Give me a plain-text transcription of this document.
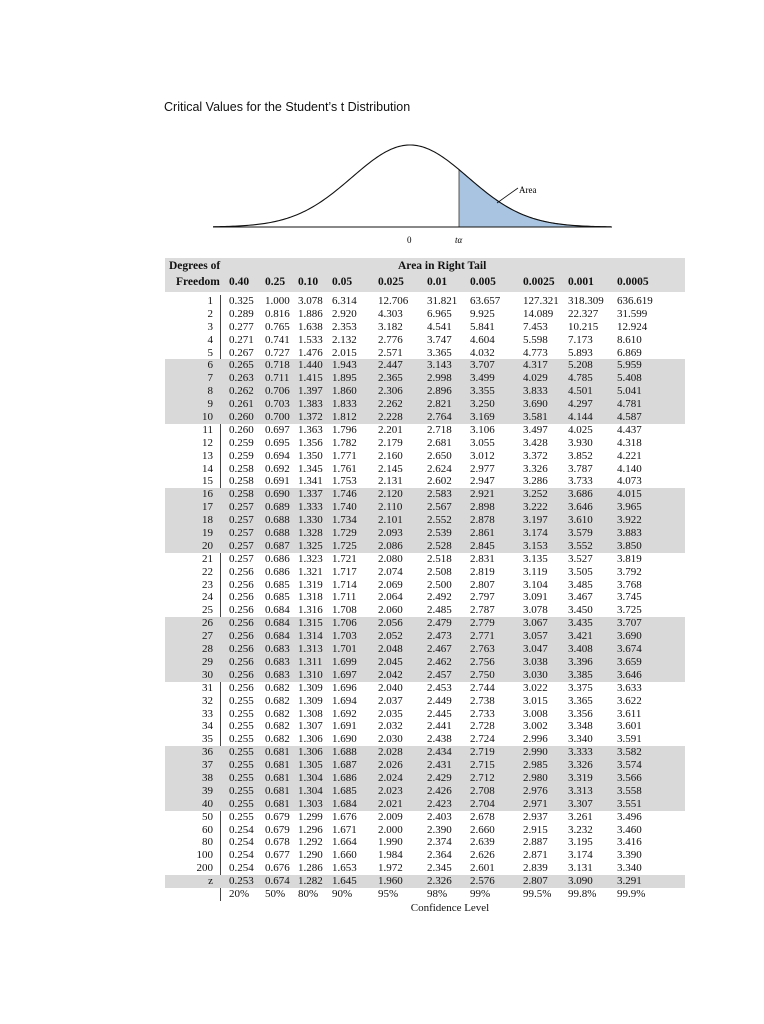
Critical Values for the Student’s t Distribution
Area
0	tα
Degrees of
Freedom
Area in Right Tail
0.40 0.25 0.10 0.05 0.025 0.01 0.005 0.0025 0.001 0.0005
1 0.325 1.000 3.078 6.314 12.706 31.821 63.657 127.321 318.309 636.619
2 0.289 0.816 1.886 2.920 4.303 6.965 9.925	14.089 22.327 31.599
3 0.277 0.765 1.638 2.353 3.182 4.541 5.841	7.453 10.215 12.924
4 0.271 0.741 1.533 2.132 2.776 3.747 4.604	5.598 7.173 8.610
5 0.267 0.727 1.476 2.015 2.571 3.365 4.032	4.773 5.893 6.869
6 0.265 0.718 1.440 1.943 2.447 3.143 3.707	4.317 5.208 5.959
7 0.263 0.711 1.415 1.895 2.365 2.998 3.499	4.029 4.785 5.408
8 0.262 0.706 1.397 1.860 2.306 2.896 3.355	3.833 4.501 5.041
9 0.261 0.703 1.383 1.833 2.262 2.821 3.250	3.690 4.297 4.781
10 0.260 0.700 1.372 1.812 2.228 2.764 3.169	3.581 4.144 4.587
11 0.260 0.697 1.363 1.796 2.201 2.718 3.106	3.497 4.025 4.437
12 0.259 0.695 1.356 1.782 2.179 2.681 3.055	3.428 3.930 4.318
13 0.259 0.694 1.350 1.771 2.160 2.650 3.012	3.372 3.852 4.221
14 0.258 0.692 1.345 1.761 2.145 2.624 2.977	3.326 3.787 4.140
15 0.258 0.691 1.341 1.753 2.131 2.602 2.947	3.286 3.733 4.073
16 0.258 0.690 1.337 1.746 2.120 2.583 2.921	3.252 3.686 4.015
17 0.257 0.689 1.333 1.740 2.110 2.567 2.898	3.222 3.646 3.965
18 0.257 0.688 1.330 1.734 2.101 2.552 2.878	3.197 3.610 3.922
19 0.257 0.688 1.328 1.729 2.093 2.539 2.861	3.174 3.579 3.883
20 0.257 0.687 1.325 1.725 2.086 2.528 2.845	3.153 3.552 3.850
21 0.257 0.686 1.323 1.721 2.080 2.518 2.831	3.135 3.527 3.819
22 0.256 0.686 1.321 1.717 2.074 2.508 2.819	3.119 3.505 3.792
23 0.256 0.685 1.319 1.714 2.069 2.500 2.807	3.104 3.485 3.768
24 0.256 0.685 1.318 1.711 2.064 2.492 2.797	3.091 3.467 3.745
25 0.256 0.684 1.316 1.708 2.060 2.485 2.787	3.078 3.450 3.725
26 0.256 0.684 1.315 1.706 2.056 2.479 2.779	3.067 3.435 3.707
27 0.256 0.684 1.314 1.703 2.052 2.473 2.771	3.057 3.421 3.690
28 0.256 0.683 1.313 1.701 2.048 2.467 2.763	3.047 3.408 3.674
29 0.256 0.683 1.311 1.699 2.045 2.462 2.756	3.038 3.396 3.659
30 0.256 0.683 1.310 1.697 2.042 2.457 2.750	3.030 3.385 3.646
31 0.256 0.682 1.309 1.696 2.040 2.453 2.744	3.022 3.375 3.633
32 0.255 0.682 1.309 1.694 2.037 2.449 2.738	3.015 3.365 3.622
33 0.255 0.682 1.308 1.692 2.035 2.445 2.733	3.008 3.356 3.611
34 0.255 0.682 1.307 1.691 2.032 2.441 2.728	3.002 3.348 3.601
35 0.255 0.682 1.306 1.690 2.030 2.438 2.724	2.996 3.340 3.591
36 0.255 0.681 1.306 1.688 2.028 2.434 2.719	2.990 3.333 3.582
37 0.255 0.681 1.305 1.687 2.026 2.431 2.715	2.985 3.326 3.574
38 0.255 0.681 1.304 1.686 2.024 2.429 2.712	2.980 3.319 3.566
39 0.255 0.681 1.304 1.685 2.023 2.426 2.708	2.976 3.313 3.558
40 0.255 0.681 1.303 1.684 2.021 2.423 2.704	2.971 3.307 3.551
50 0.255 0.679 1.299 1.676 2.009 2.403 2.678	2.937 3.261 3.496
60 0.254 0.679 1.296 1.671 2.000 2.390 2.660	2.915 3.232 3.460
80 0.254 0.678 1.292 1.664 1.990 2.374 2.639	2.887 3.195 3.416
100 0.254 0.677 1.290 1.660 1.984 2.364 2.626	2.871 3.174 3.390
200 0.254 0.676 1.286 1.653 1.972 2.345 2.601	2.839 3.131 3.340
z 0.253 0.674 1.282 1.645 1.960 2.326 2.576	2.807 3.090 3.291
20% 50% 80% 90% 95%	98% 99%	99.5% 99.8% 99.9%
Confidence Level
